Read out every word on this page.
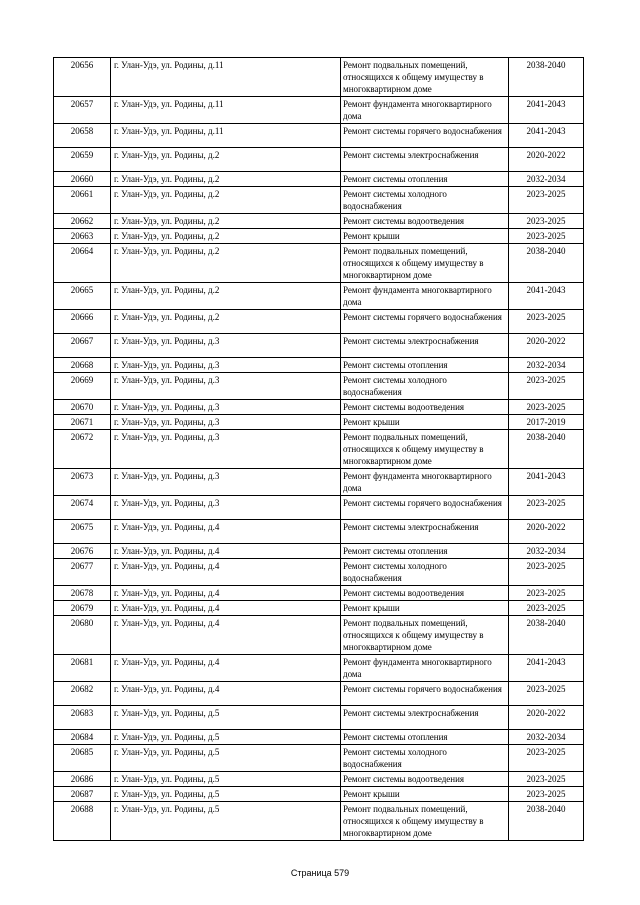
20656	г. Улан-Удэ, ул. Родины, д.11	Ремонт подвальных помещений, относящихся к общему имуществу в многоквартирном доме	2038-2040
20657	г. Улан-Удэ, ул. Родины, д.11	Ремонт фундамента многоквартирного дома	2041-2043
20658	г. Улан-Удэ, ул. Родины, д.11	Ремонт системы горячего водоснабжения	2041-2043
20659	г. Улан-Удэ, ул. Родины, д.2	Ремонт системы электроснабжения	2020-2022
20660	г. Улан-Удэ, ул. Родины, д.2	Ремонт системы отопления	2032-2034
20661	г. Улан-Удэ, ул. Родины, д.2	Ремонт системы холодного водоснабжения	2023-2025
20662	г. Улан-Удэ, ул. Родины, д.2	Ремонт системы водоотведения	2023-2025
20663	г. Улан-Удэ, ул. Родины, д.2	Ремонт крыши	2023-2025
20664	г. Улан-Удэ, ул. Родины, д.2	Ремонт подвальных помещений, относящихся к общему имуществу в многоквартирном доме	2038-2040
20665	г. Улан-Удэ, ул. Родины, д.2	Ремонт фундамента многоквартирного дома	2041-2043
20666	г. Улан-Удэ, ул. Родины, д.2	Ремонт системы горячего водоснабжения	2023-2025
20667	г. Улан-Удэ, ул. Родины, д.3	Ремонт системы электроснабжения	2020-2022
20668	г. Улан-Удэ, ул. Родины, д.3	Ремонт системы отопления	2032-2034
20669	г. Улан-Удэ, ул. Родины, д.3	Ремонт системы холодного водоснабжения	2023-2025
20670	г. Улан-Удэ, ул. Родины, д.3	Ремонт системы водоотведения	2023-2025
20671	г. Улан-Удэ, ул. Родины, д.3	Ремонт крыши	2017-2019
20672	г. Улан-Удэ, ул. Родины, д.3	Ремонт подвальных помещений, относящихся к общему имуществу в многоквартирном доме	2038-2040
20673	г. Улан-Удэ, ул. Родины, д.3	Ремонт фундамента многоквартирного дома	2041-2043
20674	г. Улан-Удэ, ул. Родины, д.3	Ремонт системы горячего водоснабжения	2023-2025
20675	г. Улан-Удэ, ул. Родины, д.4	Ремонт системы электроснабжения	2020-2022
20676	г. Улан-Удэ, ул. Родины, д.4	Ремонт системы отопления	2032-2034
20677	г. Улан-Удэ, ул. Родины, д.4	Ремонт системы холодного водоснабжения	2023-2025
20678	г. Улан-Удэ, ул. Родины, д.4	Ремонт системы водоотведения	2023-2025
20679	г. Улан-Удэ, ул. Родины, д.4	Ремонт крыши	2023-2025
20680	г. Улан-Удэ, ул. Родины, д.4	Ремонт подвальных помещений, относящихся к общему имуществу в многоквартирном доме	2038-2040
20681	г. Улан-Удэ, ул. Родины, д.4	Ремонт фундамента многоквартирного дома	2041-2043
20682	г. Улан-Удэ, ул. Родины, д.4	Ремонт системы горячего водоснабжения	2023-2025
20683	г. Улан-Удэ, ул. Родины, д.5	Ремонт системы электроснабжения	2020-2022
20684	г. Улан-Удэ, ул. Родины, д.5	Ремонт системы отопления	2032-2034
20685	г. Улан-Удэ, ул. Родины, д.5	Ремонт системы холодного водоснабжения	2023-2025
20686	г. Улан-Удэ, ул. Родины, д.5	Ремонт системы водоотведения	2023-2025
20687	г. Улан-Удэ, ул. Родины, д.5	Ремонт крыши	2023-2025
20688	г. Улан-Удэ, ул. Родины, д.5	Ремонт подвальных помещений, относящихся к общему имуществу в многоквартирном доме	2038-2040
Страница 579
